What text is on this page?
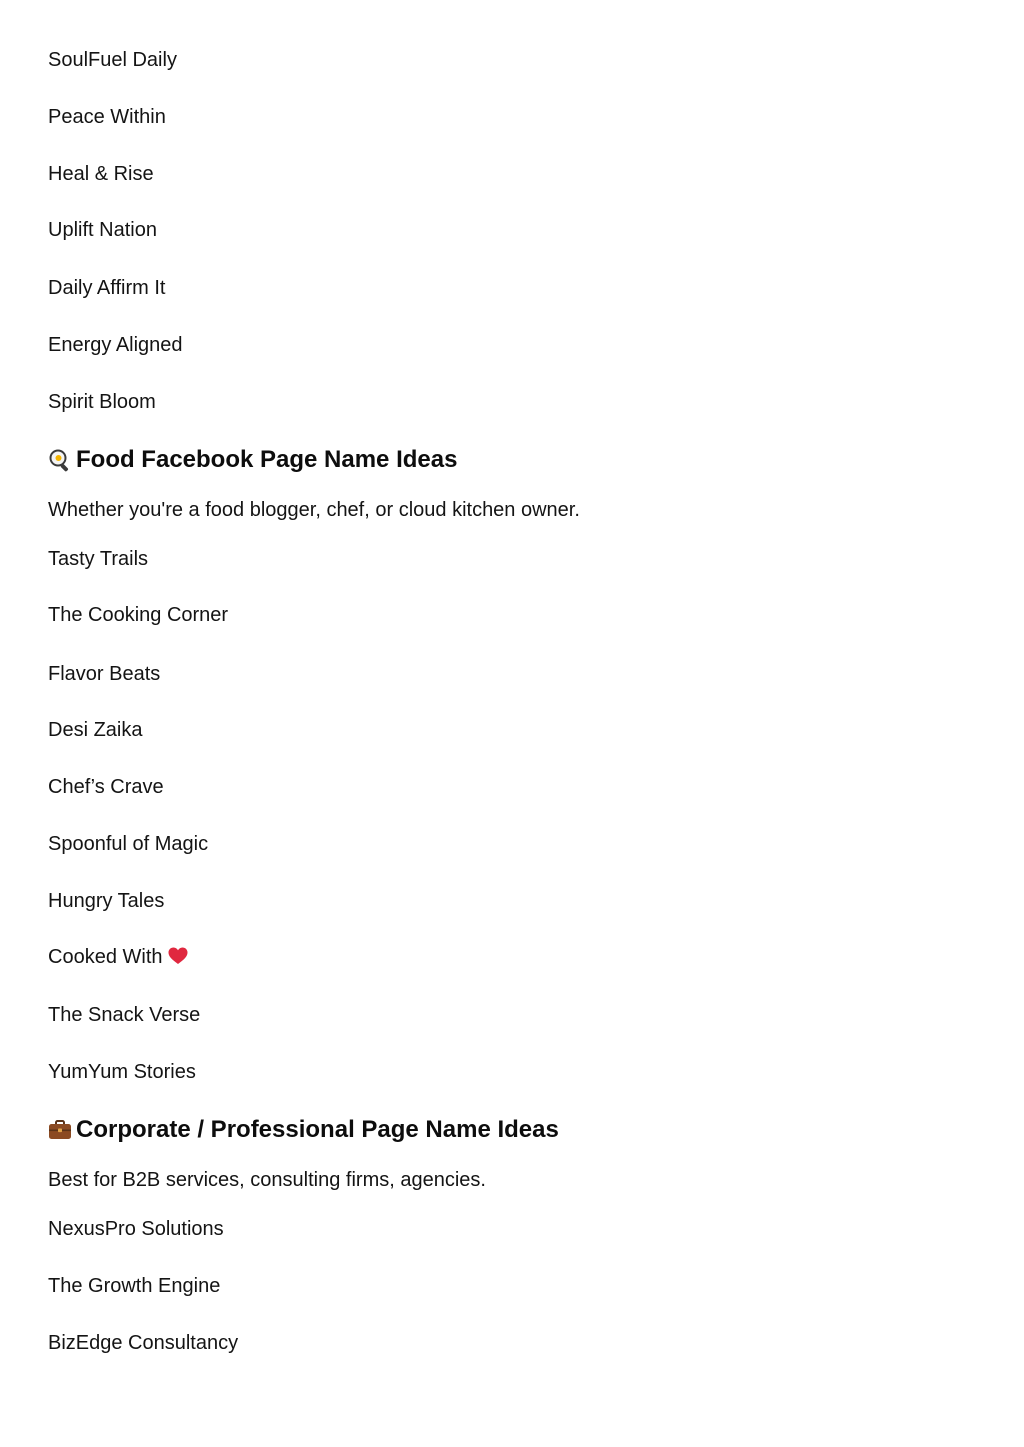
SoulFuel Daily
Peace Within
Heal & Rise
Uplift Nation
Daily Affirm It
Energy Aligned
Spirit Bloom
Food Facebook Page Name Ideas
Whether you're a food blogger, chef, or cloud kitchen owner.
Tasty Trails
The Cooking Corner
Flavor Beats
Desi Zaika
Chef’s Crave
Spoonful of Magic
Hungry Tales
Cooked With
The Snack Verse
YumYum Stories
Corporate / Professional Page Name Ideas
Best for B2B services, consulting firms, agencies.
NexusPro Solutions
The Growth Engine
BizEdge Consultancy
